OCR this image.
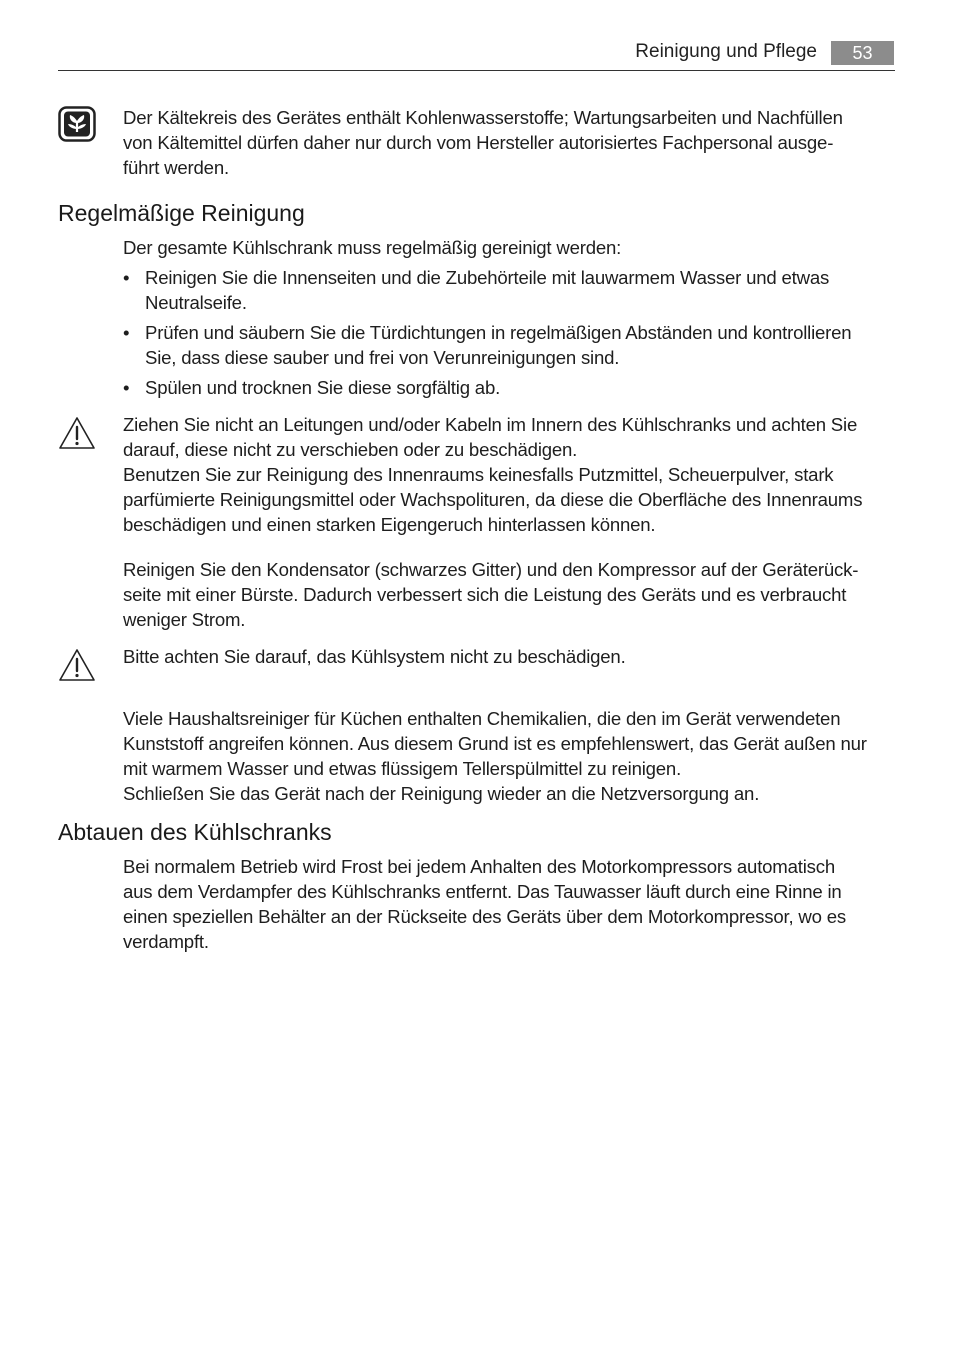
Reinigung und Pflege	53

Der Kältekreis des Gerätes enthält Kohlenwasserstoffe; Wartungsarbeiten und Nachfüllen

von Kältemittel dürfen daher nur durch vom Hersteller autorisiertes Fachpersonal ausge-

führt werden.

Regelmäßige Reinigung

Der gesamte Kühlschrank muss regelmäßig gereinigt werden:

• Reinigen Sie die Innenseiten und die Zubehörteile mit lauwarmem Wasser und etwas
Neutralseife.
• Prüfen und säubern Sie die Türdichtungen in regelmäßigen Abständen und kontrollieren
Sie, dass diese sauber und frei von Verunreinigungen sind.
• Spülen und trocknen Sie diese sorgfältig ab.

Ziehen Sie nicht an Leitungen und/oder Kabeln im Innern des Kühlschranks und achten Sie

darauf, diese nicht zu verschieben oder zu beschädigen.

Benutzen Sie zur Reinigung des Innenraums keinesfalls Putzmittel, Scheuerpulver, stark

parfümierte Reinigungsmittel oder Wachspolituren, da diese die Oberfläche des Innenraums

beschädigen und einen starken Eigengeruch hinterlassen können.

Reinigen Sie den Kondensator (schwarzes Gitter) und den Kompressor auf der Geräterück-

seite mit einer Bürste. Dadurch verbessert sich die Leistung des Geräts und es verbraucht

weniger Strom.

Bitte achten Sie darauf, das Kühlsystem nicht zu beschädigen.

Viele Haushaltsreiniger für Küchen enthalten Chemikalien, die den im Gerät verwendeten

Kunststoff angreifen können. Aus diesem Grund ist es empfehlenswert, das Gerät außen nur

mit warmem Wasser und etwas flüssigem Tellerspülmittel zu reinigen.

Schließen Sie das Gerät nach der Reinigung wieder an die Netzversorgung an.

Abtauen des Kühlschranks

Bei normalem Betrieb wird Frost bei jedem Anhalten des Motorkompressors automatisch

aus dem Verdampfer des Kühlschranks entfernt. Das Tauwasser läuft durch eine Rinne in

einen speziellen Behälter an der Rückseite des Geräts über dem Motorkompressor, wo es

verdampft.
